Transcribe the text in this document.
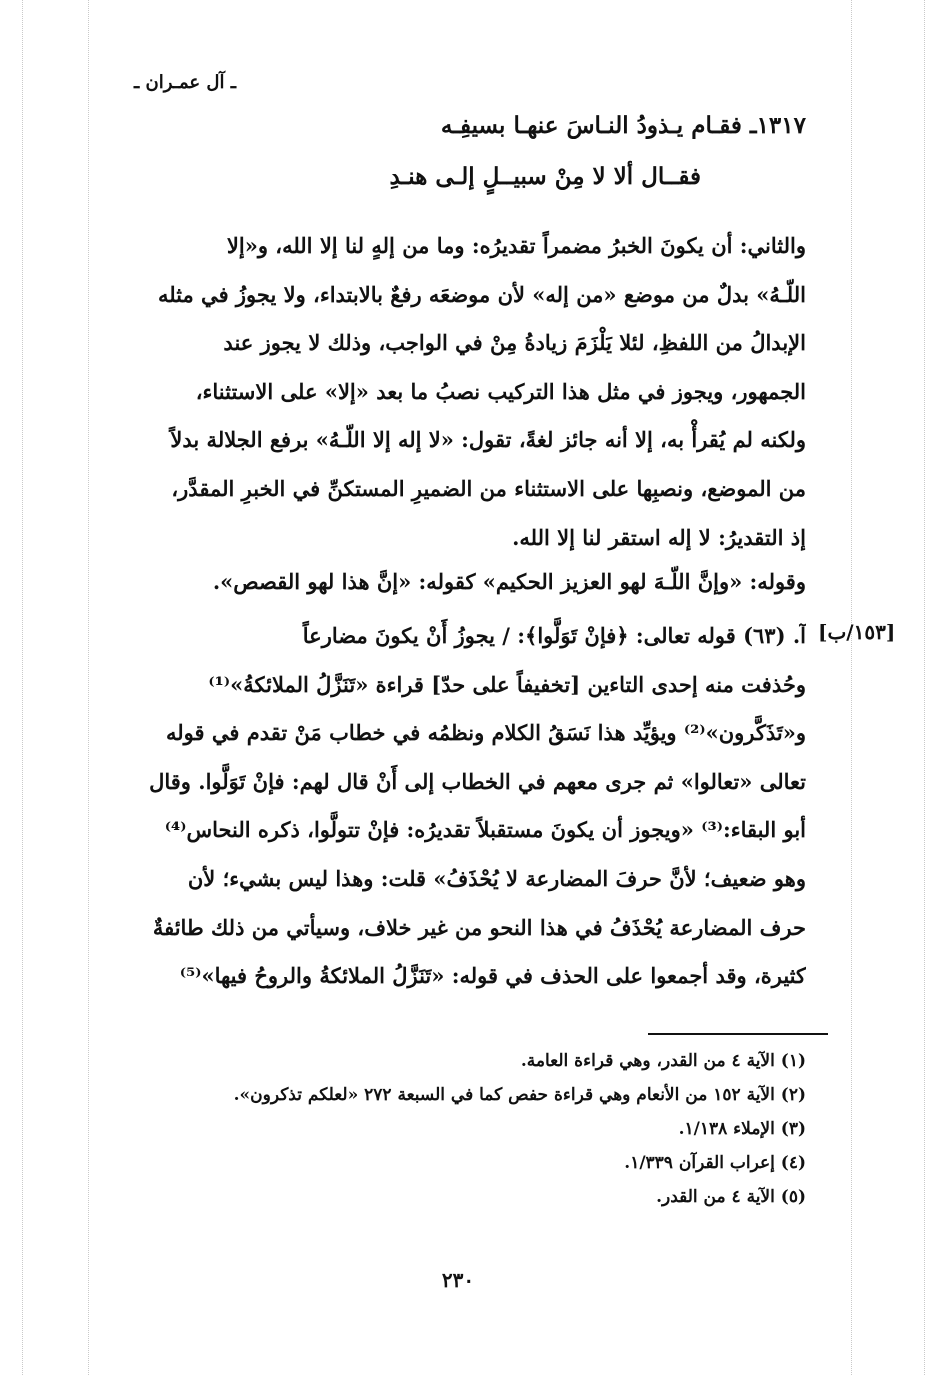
ـ آل عمـران ـ
١٣١٧ـ فقـام يـذودُ النـاسَ عنهـا بسيفِـه
فقــال ألا لا مِنْ سبيــلٍ إلـى هنـدِ
والثاني: أن يكونَ الخبرُ مضمراً تقديرُه: وما من إلهٍ لنا إلا الله، و«إلا
اللّـهُ» بدلٌ من موضع «من إله» لأن موضعَه رفعٌ بالابتداء، ولا يجوزُ في مثله
الإبدالُ من اللفظِ، لئلا يَلْزَمَ زيادةُ مِنْ في الواجب، وذلك لا يجوز عند
الجمهور، ويجوز في مثل هذا التركيب نصبُ ما بعد «إلا» على الاستثناء،
ولكنه لم يُقرأْ به، إلا أنه جائز لغةً، تقول: «لا إله إلا اللّـهُ» برفع الجلالة بدلاً
من الموضع، ونصبِها على الاستثناء من الضميرِ المستكنِّ في الخبرِ المقدَّر،
إذ التقديرُ: لا إله استقر لنا إلا الله.
وقوله: «وإنَّ اللّـهَ لهو العزيز الحكيم» كقوله: «إنَّ هذا لهو القصص».
[١٥٣/ب]
آ. (٦٣) قوله تعالى: ﴿فإنْ تَوَلَّوا﴾: / يجوزُ أَنْ يكونَ مضارعاً
وحُذفت منه إحدى التاءين [تخفيفاً على حدّ] قراءة «تَنَزَّلُ الملائكةُ»⁽¹⁾
و«تَذَكَّرون»⁽²⁾ ويؤيِّد هذا نَسَقُ الكلام ونظمُه في خطاب مَنْ تقدم في قوله
تعالى «تعالوا» ثم جرى معهم في الخطاب إلى أَنْ قال لهم: فإنْ تَوَلَّوا. وقال
أبو البقاء:⁽³⁾ «ويجوز أن يكونَ مستقبلاً تقديرُه: فإنْ تتولَّوا، ذكره النحاس⁽⁴⁾
وهو ضعيف؛ لأنَّ حرفَ المضارعة لا يُحْذَفُ» قلت: وهذا ليس بشيء؛ لأن
حرف المضارعة يُحْذَفُ في هذا النحو من غير خلاف، وسيأتي من ذلك طائفةٌ
كثيرة، وقد أجمعوا على الحذف في قوله: «تَنَزَّلُ الملائكةُ والروحُ فيها»⁽⁵⁾
(١) الآية ٤ من القدر، وهي قراءة العامة.
(٢) الآية ١٥٢ من الأنعام وهي قراءة حفص كما في السبعة ٢٧٢ «لعلكم تذكرون».
(٣) الإملاء ١/١٣٨.
(٤) إعراب القرآن ١/٣٣٩.
(٥) الآية ٤ من القدر.
٢٣٠
